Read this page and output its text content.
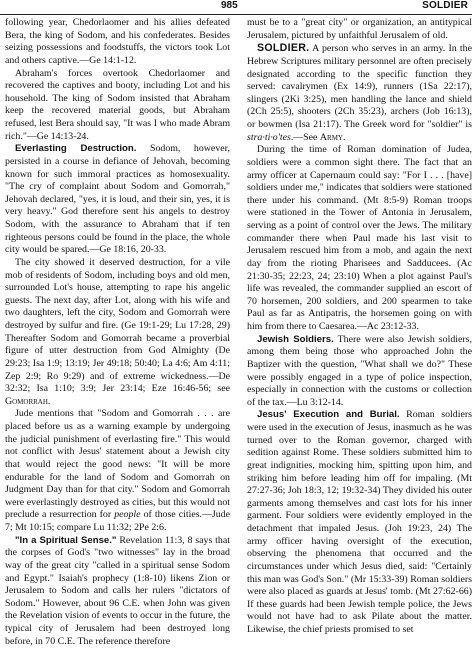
985	SOLDIER

following year, Chedorlaomer and his allies defeated Bera, the king of Sodom, and his confederates. Besides seizing possessions and foodstuffs, the victors took Lot and others captive.—Ge 14:1-12.

Abraham's forces overtook Chedorlaomer and recovered the captives and booty, including Lot and his household. The king of Sodom insisted that Abraham keep the recovered material goods, but Abraham refused, lest Bera should say, "It was I who made Abram rich."—Ge 14:13-24.

Everlasting Destruction. Sodom, however, persisted in a course in defiance of Jehovah, becoming known for such immoral practices as homosexuality. "The cry of complaint about Sodom and Gomorrah," Jehovah declared, "yes, it is loud, and their sin, yes, it is very heavy." God therefore sent his angels to destroy Sodom, with the assurance to Abraham that if ten righteous persons could be found in the place, the whole city would be spared.—Ge 18:16, 20-33.

The city showed it deserved destruction, for a vile mob of residents of Sodom, including boys and old men, surrounded Lot's house, attempting to rape his angelic guests. The next day, after Lot, along with his wife and two daughters, left the city, Sodom and Gomorrah were destroyed by sulfur and fire. (Ge 19:1-29; Lu 17:28, 29) Thereafter Sodom and Gomorrah became a proverbial figure of utter destruction from God Almighty (De 29:23; Isa 1:9; 13:19; Jer 49:18; 50:40; La 4:6; Am 4:11; Zep 2:9; Ro 9:29) and of extreme wickedness.—De 32:32; Isa 1:10; 3:9; Jer 23:14; Eze 16:46-56; see Gomorrah.

Jude mentions that "Sodom and Gomorrah . . . are placed before us as a warning example by undergoing the judicial punishment of everlasting fire." This would not conflict with Jesus' statement about a Jewish city that would reject the good news: "It will be more endurable for the land of Sodom and Gomorrah on Judgment Day than for that city." Sodom and Gomorrah were everlastingly destroyed as cities, but this would not preclude a resurrection for people of those cities.—Jude 7; Mt 10:15; compare Lu 11:32; 2Pe 2:6.

"In a Spiritual Sense." Revelation 11:3, 8 says that the corpses of God's "two witnesses" lay in the broad way of the great city "called in a spiritual sense Sodom and Egypt." Isaiah's prophecy (1:8-10) likens Zion or Jerusalem to Sodom and calls her rulers "dictators of Sodom." However, about 96 C.E. when John was given the Revelation vision of events to occur in the future, the typical city of Jerusalem had been destroyed long before, in 70 C.E. The reference therefore

must be to a "great city" or organization, an antitypical Jerusalem, pictured by unfaithful Jerusalem of old.

SOLDIER. A person who serves in an army. In the Hebrew Scriptures military personnel are often precisely designated according to the specific function they served: cavalrymen (Ex 14:9), runners (1Sa 22:17), slingers (2Ki 3:25), men handling the lance and shield (2Ch 25:5), shooters (2Ch 35:23), archers (Job 16:13), or bowmen (Isa 21:17). The Greek word for "soldier" is stra·ti·o'tes.—See Army.

During the time of Roman domination of Judea, soldiers were a common sight there. The fact that an army officer at Capernaum could say: "For I . . . [have] soldiers under me," indicates that soldiers were stationed there under his command. (Mt 8:5-9) Roman troops were stationed in the Tower of Antonia in Jerusalem, serving as a point of control over the Jews. The military commander there when Paul made his last visit to Jerusalem rescued him from a mob, and again the next day from the rioting Pharisees and Sadducees. (Ac 21:30-35; 22:23, 24; 23:10) When a plot against Paul's life was revealed, the commander supplied an escort of 70 horsemen, 200 soldiers, and 200 spearmen to take Paul as far as Antipatris, the horsemen going on with him from there to Caesarea.—Ac 23:12-33.

Jewish Soldiers. There were also Jewish soldiers, among them being those who approached John the Baptizer with the question, "What shall we do?" These were possibly engaged in a type of police inspection, especially in connection with the customs or collection of the tax.—Lu 3:12-14.

Jesus' Execution and Burial. Roman soldiers were used in the execution of Jesus, inasmuch as he was turned over to the Roman governor, charged with sedition against Rome. These soldiers submitted him to great indignities, mocking him, spitting upon him, and striking him before leading him off for impaling. (Mt 27:27-36; Joh 18:3, 12; 19:32-34) They divided his outer garments among themselves and cast lots for his inner garment. Four soldiers were evidently employed in the detachment that impaled Jesus. (Joh 19:23, 24) The army officer having oversight of the execution, observing the phenomena that occurred and the circumstances under which Jesus died, said: "Certainly this man was God's Son." (Mr 15:33-39) Roman soldiers were also placed as guards at Jesus' tomb. (Mt 27:62-66) If these guards had been Jewish temple police, the Jews would not have had to ask Pilate about the matter. Likewise, the chief priests promised to set
